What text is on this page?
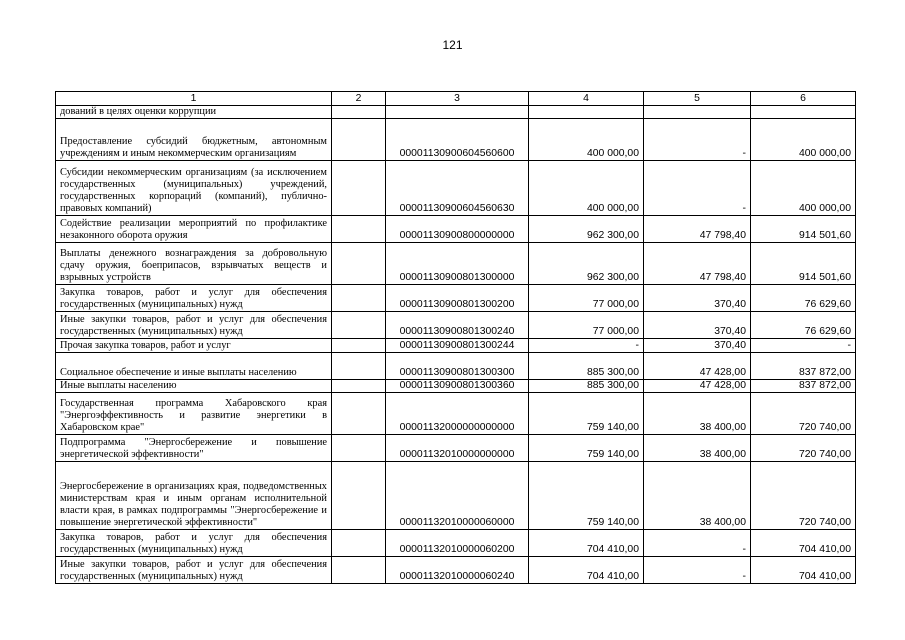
121
1	2	3	4	5	6
дований в целях оценки коррупции					
Предоставление субсидий бюджетным, автономным учреждениям и иным некоммерческим организациям		00001130900604560600	400 000,00	-	400 000,00
Субсидии некоммерческим организациям (за исключением государственных (муниципальных) учреждений, государственных корпораций (компаний), публично-правовых компаний)		00001130900604560630	400 000,00	-	400 000,00
Содействие реализации мероприятий по профилактике незаконного оборота оружия		00001130900800000000	962 300,00	47 798,40	914 501,60
Выплаты денежного вознаграждения за добровольную сдачу оружия, боеприпасов, взрывчатых веществ и взрывных устройств		00001130900801300000	962 300,00	47 798,40	914 501,60
Закупка товаров, работ и услуг для обеспечения государственных (муниципальных) нужд		00001130900801300200	77 000,00	370,40	76 629,60
Иные закупки товаров, работ и услуг для обеспечения государственных (муниципальных) нужд		00001130900801300240	77 000,00	370,40	76 629,60
Прочая закупка товаров, работ и услуг		00001130900801300244	-	370,40	-
Социальное обеспечение и иные выплаты населению		00001130900801300300	885 300,00	47 428,00	837 872,00
Иные выплаты населению		00001130900801300360	885 300,00	47 428,00	837 872,00
Государственная программа Хабаровского края "Энергоэффективность и развитие энергетики в Хабаровском крае"		00001132000000000000	759 140,00	38 400,00	720 740,00
Подпрограмма "Энергосбережение и повышение энергетической эффективности"		00001132010000000000	759 140,00	38 400,00	720 740,00
Энергосбережение в организациях края, подведомственных министерствам края и иным органам исполнительной власти края, в рамках подпрограммы "Энергосбережение и повышение энергетической эффективности"		00001132010000060000	759 140,00	38 400,00	720 740,00
Закупка товаров, работ и услуг для обеспечения государственных (муниципальных) нужд		00001132010000060200	704 410,00	-	704 410,00
Иные закупки товаров, работ и услуг для обеспечения государственных (муниципальных) нужд		00001132010000060240	704 410,00	-	704 410,00
